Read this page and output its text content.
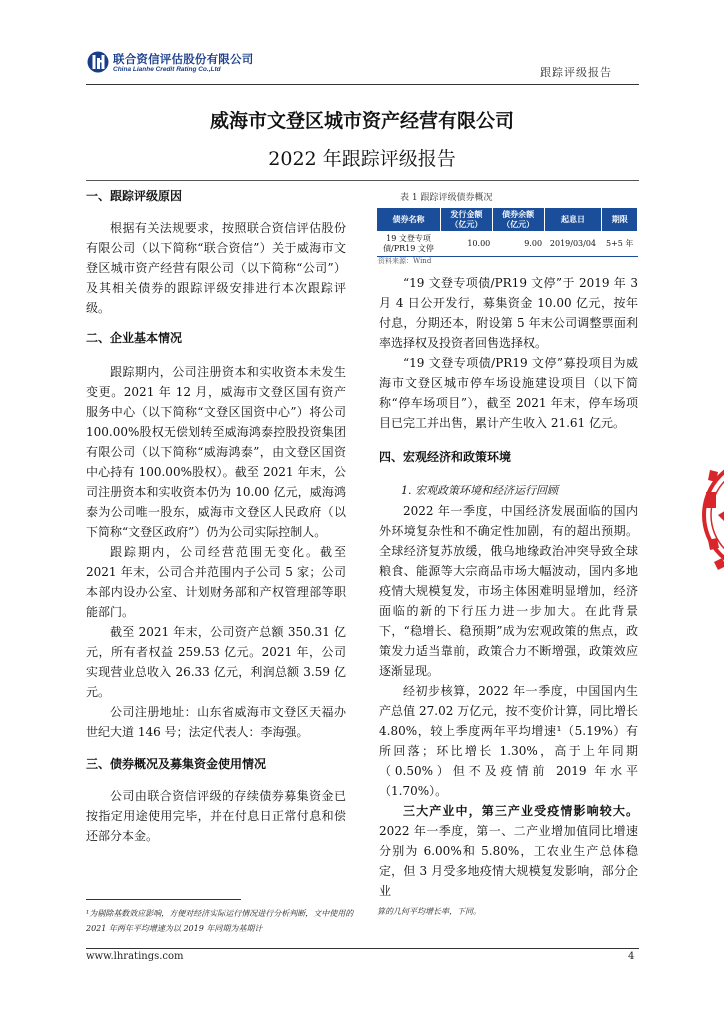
联合资信评估股份有限公司
China Lianhe Credit Rating Co.,Ltd	跟踪评级报告
威海市文登区城市资产经营有限公司
2022 年跟踪评级报告
一、跟踪评级原因

根据有关法规要求，按照联合资信评估股份有限公司（以下简称“联合资信”）关于威海市文登区城市资产经营有限公司（以下简称“公司”）及其相关债券的跟踪评级安排进行本次跟踪评级。

二、企业基本情况

跟踪期内，公司注册资本和实收资本未发生变更。2021 年 12 月，威海市文登区国有资产服务中心（以下简称“文登区国资中心”）将公司 100.00%股权无偿划转至威海鸿泰控股投资集团有限公司（以下简称“威海鸿泰”，由文登区国资中心持有 100.00%股权）。截至 2021 年末，公司注册资本和实收资本仍为 10.00 亿元，威海鸿泰为公司唯一股东，威海市文登区人民政府（以下简称“文登区政府”）仍为公司实际控制人。

跟踪期内，公司经营范围无变化。截至 2021 年末，公司合并范围内子公司 5 家；公司本部内设办公室、计划财务部和产权管理部等职能部门。

截至 2021 年末，公司资产总额 350.31 亿元，所有者权益 259.53 亿元。2021 年，公司实现营业总收入 26.33 亿元，利润总额 3.59 亿元。

公司注册地址：山东省威海市文登区天福办世纪大道 146 号；法定代表人：李海强。

三、债券概况及募集资金使用情况

公司由联合资信评级的存续债券募集资金已按指定用途使用完毕，并在付息日正常付息和偿还部分本金。

表 1 跟踪评级债券概况
债券名称	发行金额（亿元）	债券余额（亿元）	起息日	期限
19 文登专项债/PR19 文停	10.00	9.00	2019/03/04	5+5 年
资料来源：Wind

“19 文登专项债/PR19 文停”于 2019 年 3 月 4 日公开发行，募集资金 10.00 亿元，按年付息，分期还本，附设第 5 年末公司调整票面利率选择权及投资者回售选择权。

“19 文登专项债/PR19 文停”募投项目为威海市文登区城市停车场设施建设项目（以下简称“停车场项目”），截至 2021 年末，停车场项目已完工并出售，累计产生收入 21.61 亿元。

四、宏观经济和政策环境

1. 宏观政策环境和经济运行回顾

2022 年一季度，中国经济发展面临的国内外环境复杂性和不确定性加剧，有的超出预期。全球经济复苏放缓，俄乌地缘政治冲突导致全球粮食、能源等大宗商品市场大幅波动，国内多地疫情大规模复发，市场主体困难明显增加，经济面临的新的下行压力进一步加大。在此背景下，“稳增长、稳预期”成为宏观政策的焦点，政策发力适当靠前，政策合力不断增强，政策效应逐渐显现。

经初步核算，2022 年一季度，中国国内生产总值 27.02 万亿元，按不变价计算，同比增长 4.80%，较上季度两年平均增速¹（5.19%）有所回落；环比增长 1.30%，高于上年同期（0.50%）但不及疫情前 2019 年水平（1.70%）。

三大产业中，第三产业受疫情影响较大。2022 年一季度，第一、二产业增加值同比增速分别为 6.00%和 5.80%，工农业生产总体稳定，但 3 月受多地疫情大规模复发影响，部分企业

¹为剔除基数效应影响，方便对经济实际运行情况进行分析判断，文中使用的 2021 年两年平均增速为以 2019 年同期为基期计
算的几何平均增长率，下同。
www.lhratings.com	4
